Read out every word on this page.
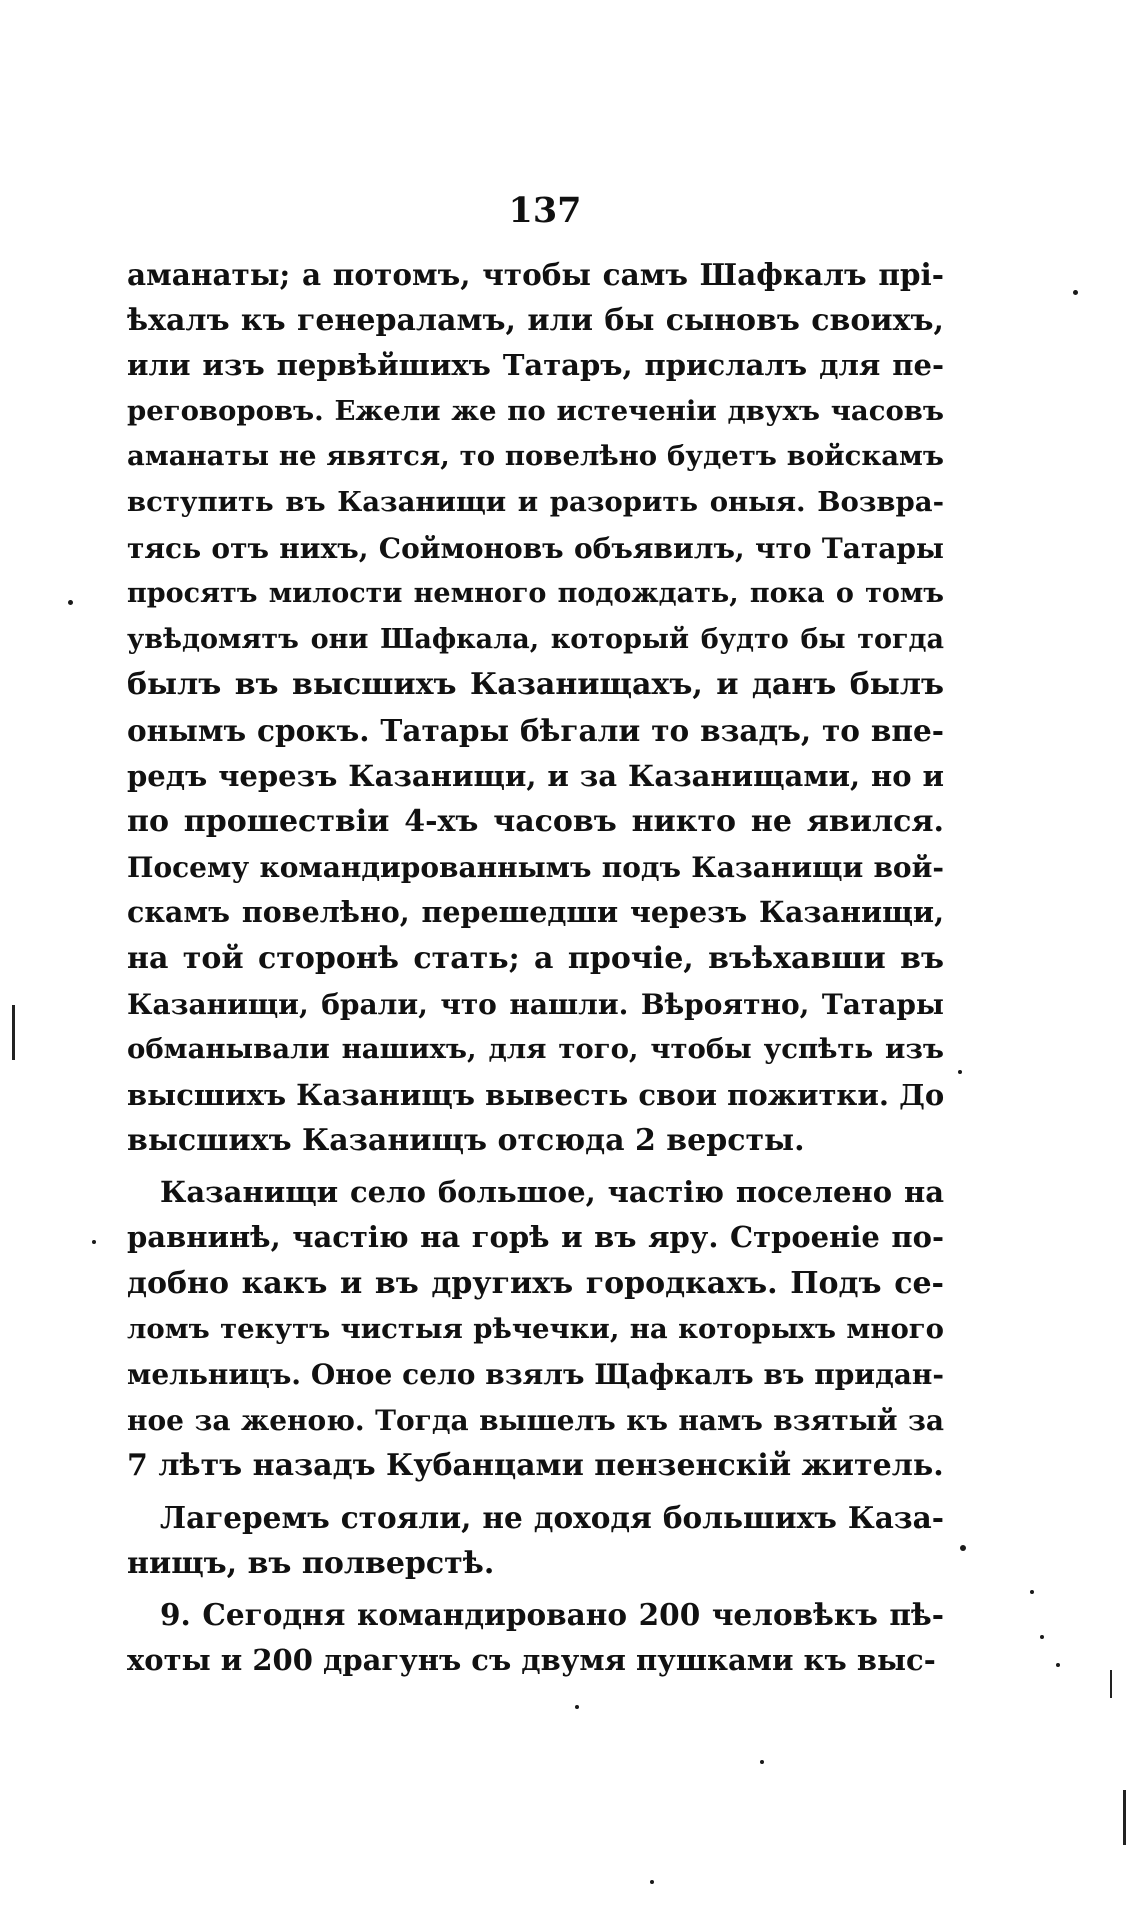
137
аманаты; а потомъ, чтобы самъ Шафкалъ прі-
ѣхалъ къ генераламъ, или бы сыновъ своихъ,
или изъ первѣйшихъ Татаръ, прислалъ для пе-
реговоровъ. Ежели же по истеченіи двухъ часовъ
аманаты не явятся, то повелѣно будетъ войскамъ
вступить въ Казанищи и разорить оныя. Возвра-
тясь отъ нихъ, Соймоновъ объявилъ, что Татары
просятъ милости немного подождать, пока о томъ
увѣдомятъ они Шафкала, который будто бы тогда
былъ въ высшихъ Казанищахъ, и данъ былъ
онымъ срокъ. Татары бѣгали то взадъ, то впе-
редъ черезъ Казанищи, и за Казанищами, но и
по прошествіи 4-хъ часовъ никто не явился.
Посему командированнымъ подъ Казанищи вой-
скамъ повелѣно, перешедши черезъ Казанищи,
на той сторонѣ стать; а прочіе, въѣхавши въ
Казанищи, брали, что нашли. Вѣроятно, Татары
обманывали нашихъ, для того, чтобы успѣть изъ
высшихъ Казанищъ вывесть свои пожитки. До
высшихъ Казанищъ отсюда 2 версты.
Казанищи село большое, частію поселено на
равнинѣ, частію на горѣ и въ яру. Строеніе по-
добно какъ и въ другихъ городкахъ. Подъ се-
ломъ текутъ чистыя рѣчечки, на которыхъ много
мельницъ. Оное село взялъ Щафкалъ въ придан-
ное за женою. Тогда вышелъ къ намъ взятый за
7 лѣтъ назадъ Кубанцами пензенскій житель.
Лагеремъ стояли, не доходя большихъ Каза-
нищъ, въ полверстѣ.
9. Сегодня командировано 200 человѣкъ пѣ-
хоты и 200 драгунъ съ двумя пушками къ выс-
